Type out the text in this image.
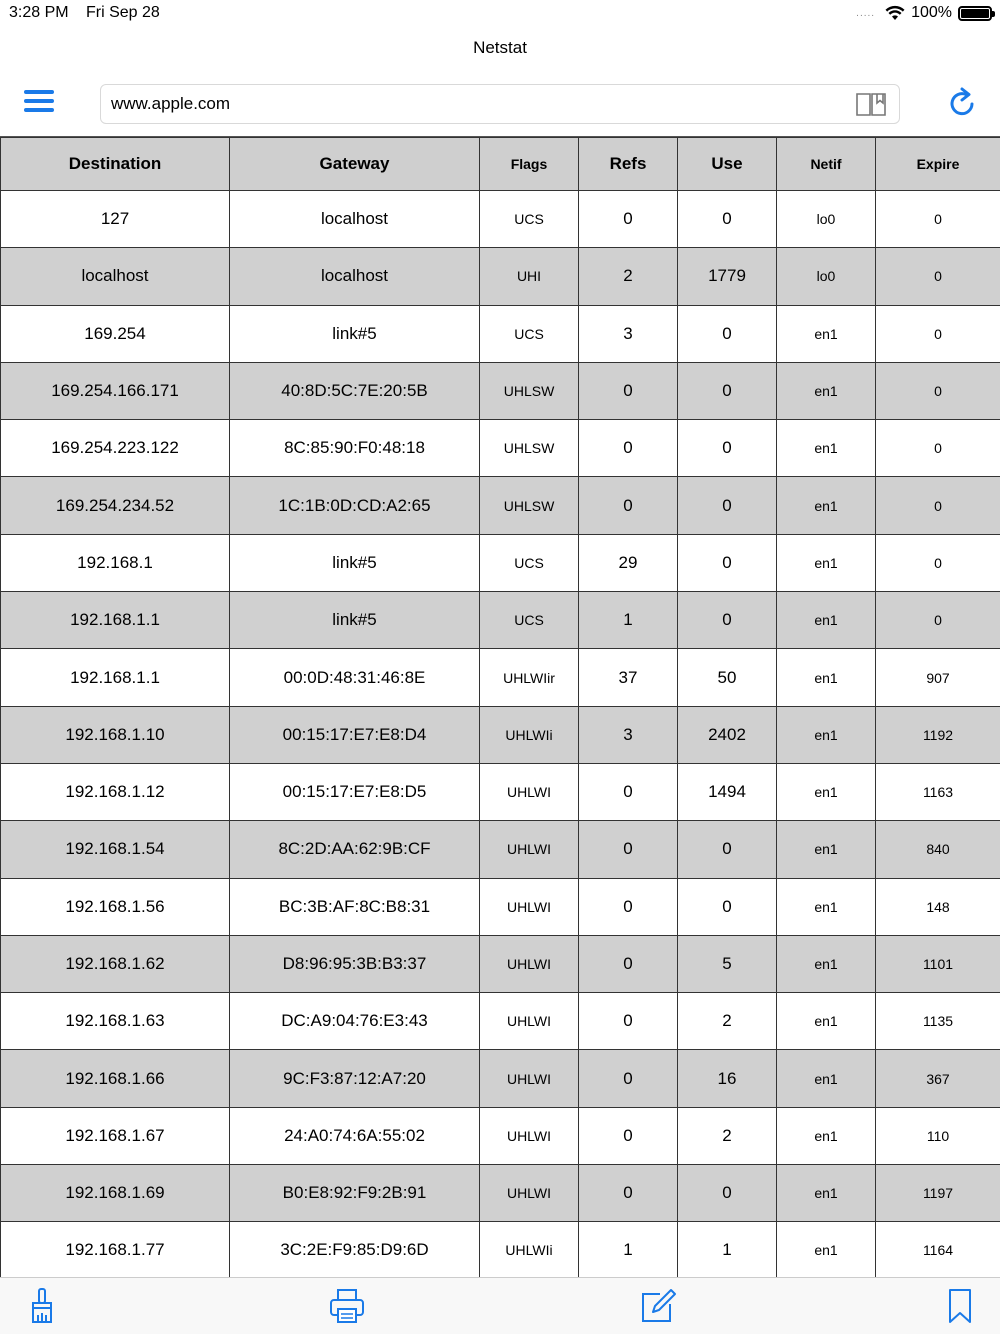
3:28 PM Fri Sep 28	..... 100%
Netstat
www.apple.com
Destination	Gateway	Flags	Refs	Use	Netif	Expire
127	localhost	UCS	0	0	lo0	0
localhost	localhost	UHI	2	1779	lo0	0
169.254	link#5	UCS	3	0	en1	0
169.254.166.171	40:8D:5C:7E:20:5B	UHLSW	0	0	en1	0
169.254.223.122	8C:85:90:F0:48:18	UHLSW	0	0	en1	0
169.254.234.52	1C:1B:0D:CD:A2:65	UHLSW	0	0	en1	0
192.168.1	link#5	UCS	29	0	en1	0
192.168.1.1	link#5	UCS	1	0	en1	0
192.168.1.1	00:0D:48:31:46:8E	UHLWIir	37	50	en1	907
192.168.1.10	00:15:17:E7:E8:D4	UHLWIi	3	2402	en1	1192
192.168.1.12	00:15:17:E7:E8:D5	UHLWI	0	1494	en1	1163
192.168.1.54	8C:2D:AA:62:9B:CF	UHLWI	0	0	en1	840
192.168.1.56	BC:3B:AF:8C:B8:31	UHLWI	0	0	en1	148
192.168.1.62	D8:96:95:3B:B3:37	UHLWI	0	5	en1	1101
192.168.1.63	DC:A9:04:76:E3:43	UHLWI	0	2	en1	1135
192.168.1.66	9C:F3:87:12:A7:20	UHLWI	0	16	en1	367
192.168.1.67	24:A0:74:6A:55:02	UHLWI	0	2	en1	110
192.168.1.69	B0:E8:92:F9:2B:91	UHLWI	0	0	en1	1197
192.168.1.77	3C:2E:F9:85:D9:6D	UHLWIi	1	1	en1	1164
